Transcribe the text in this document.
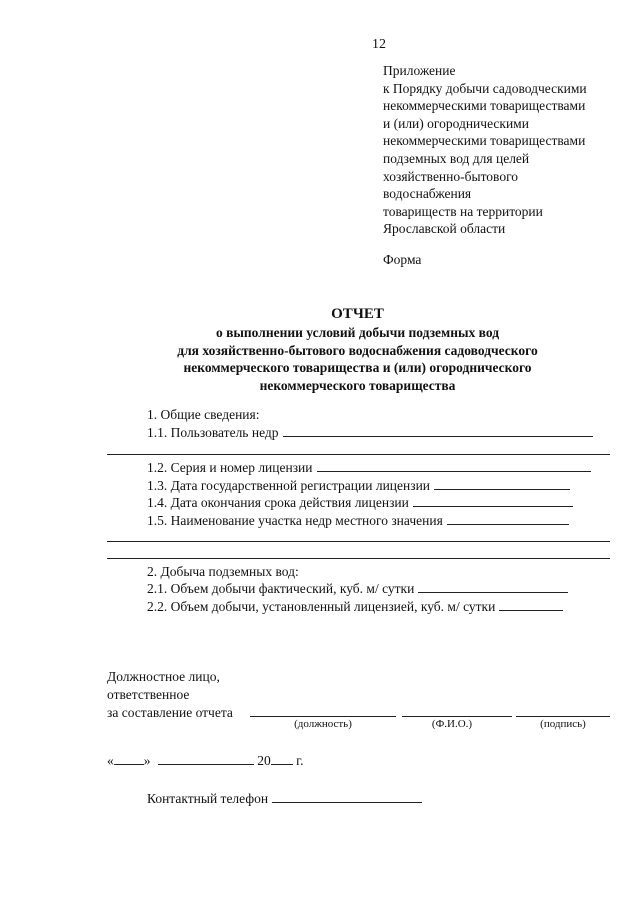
12
Приложение
к Порядку добычи садоводческими
некоммерческими товариществами
и (или) огородническими
некоммерческими товариществами
подземных вод для целей
хозяйственно-бытового
водоснабжения
товариществ на территории
Ярославской области
Форма
ОТЧЕТ
о выполнении условий добычи подземных вод
для хозяйственно-бытового водоснабжения садоводческого
некоммерческого товарищества и (или) огороднического
некоммерческого товарищества
1. Общие сведения:
1.1. Пользователь недр
1.2. Серия и номер лицензии
1.3. Дата государственной регистрации лицензии
1.4. Дата окончания срока действия лицензии
1.5. Наименование участка недр местного значения
2. Добыча подземных вод:
2.1. Объем добычи фактический, куб. м/ сутки
2.2. Объем добычи, установленный лицензией, куб. м/ сутки
Должностное лицо,
ответственное
за составление отчета
(должность)	(Ф.И.О.)	(подпись)
« »	20 г.
Контактный телефон
